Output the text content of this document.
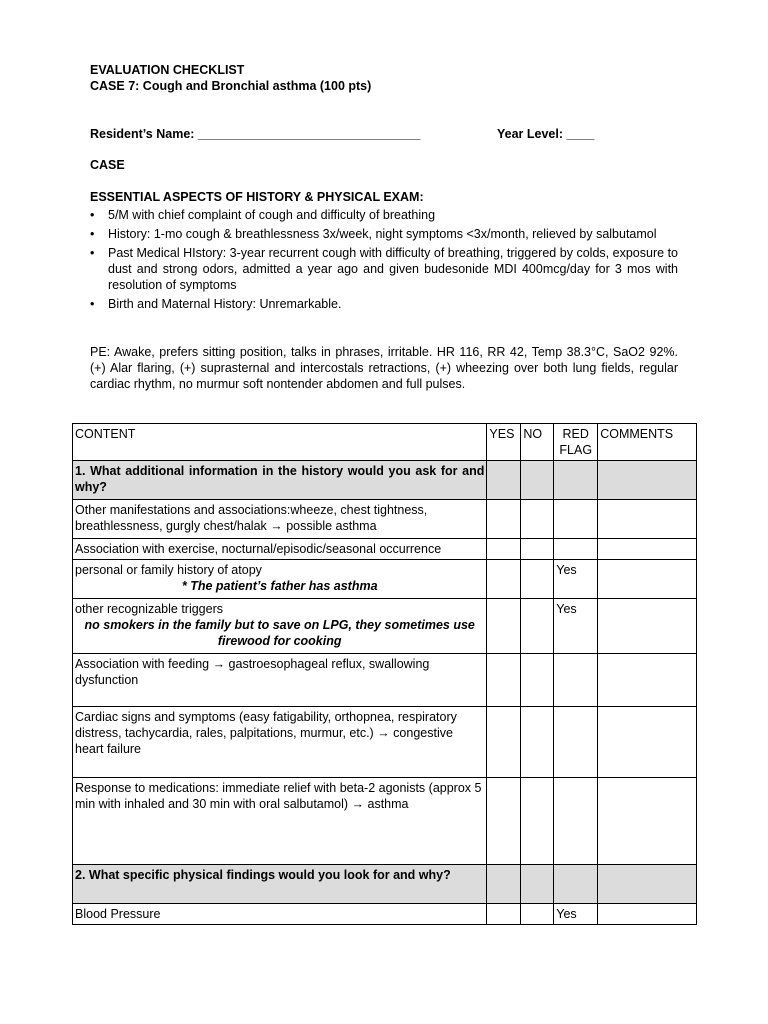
EVALUATION CHECKLIST
CASE 7: Cough and Bronchial asthma (100 pts)
Resident’s Name: ________________________________	Year Level: ____
CASE
ESSENTIAL ASPECTS OF HISTORY & PHYSICAL EXAM:
• 5/M with chief complaint of cough and difficulty of breathing
• History: 1-mo cough & breathlessness 3x/week, night symptoms <3x/month, relieved by salbutamol
• Past Medical HIstory: 3-year recurrent cough with difficulty of breathing, triggered by colds, exposure to dust and strong odors, admitted a year ago and given budesonide MDI 400mcg/day for 3 mos with resolution of symptoms
• Birth and Maternal History: Unremarkable.
PE: Awake, prefers sitting position, talks in phrases, irritable. HR 116, RR 42, Temp 38.3°C, SaO2 92%. (+) Alar flaring, (+) suprasternal and intercostals retractions, (+) wheezing over both lung fields, regular cardiac rhythm, no murmur soft nontender abdomen and full pulses.
CONTENT	YES	NO	RED FLAG	COMMENTS
1. What additional information in the history would you ask for and why?				
Other manifestations and associations:wheeze, chest tightness, breathlessness, gurgly chest/halak → possible asthma				
Association with exercise, nocturnal/episodic/seasonal occurrence				
personal or family history of atopy
* The patient’s father has asthma			Yes	
other recognizable triggers
no smokers in the family but to save on LPG, they sometimes use firewood for cooking			Yes	
Association with feeding → gastroesophageal reflux, swallowing dysfunction				
Cardiac signs and symptoms (easy fatigability, orthopnea, respiratory distress, tachycardia, rales, palpitations, murmur, etc.) → congestive heart failure				
Response to medications: immediate relief with beta-2 agonists (approx 5 min with inhaled and 30 min with oral salbutamol) → asthma				
2. What specific physical findings would you look for and why?				
Blood Pressure			Yes	
